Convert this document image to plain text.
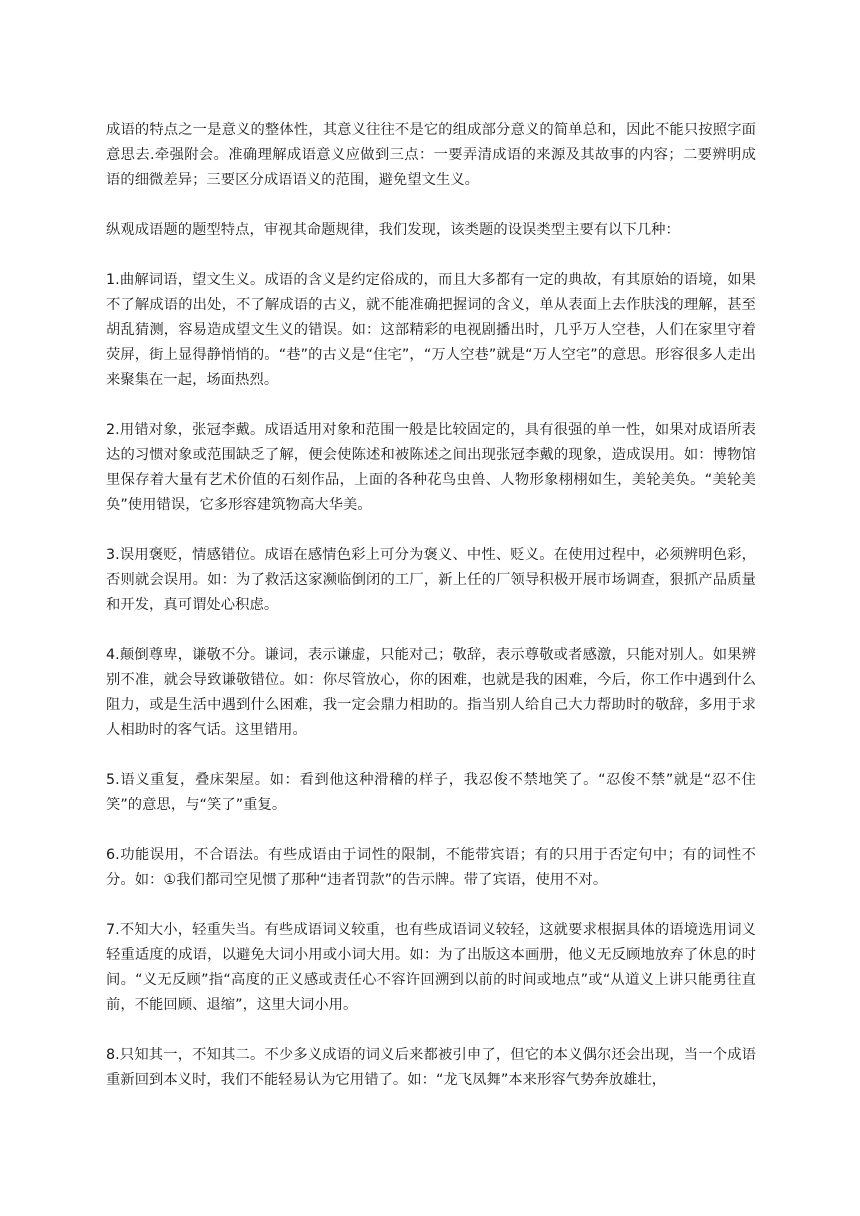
成语的特点之一是意义的整体性，其意义往往不是它的组成部分意义的简单总和，因此不能只按照字面意思去.牵强附会。准确理解成语意义应做到三点：一要弄清成语的来源及其故事的内容；二要辨明成语的细微差异；三要区分成语语义的范围，避免望文生义。

纵观成语题的题型特点，审视其命题规律，我们发现，该类题的设误类型主要有以下几种：

1.曲解词语，望文生义。成语的含义是约定俗成的，而且大多都有一定的典故，有其原始的语境，如果不了解成语的出处，不了解成语的古义，就不能准确把握词的含义，单从表面上去作肤浅的理解，甚至胡乱猜测，容易造成望文生义的错误。如：这部精彩的电视剧播出时，几乎万人空巷，人们在家里守着荧屏，街上显得静悄悄的。“巷”的古义是“住宅”，“万人空巷”就是“万人空宅”的意思。形容很多人走出来聚集在一起，场面热烈。

2.用错对象，张冠李戴。成语适用对象和范围一般是比较固定的，具有很强的单一性，如果对成语所表达的习惯对象或范围缺乏了解，便会使陈述和被陈述之间出现张冠李戴的现象，造成误用。如：博物馆里保存着大量有艺术价值的石刻作品，上面的各种花鸟虫兽、人物形象栩栩如生，美轮美奂。“美轮美奂”使用错误，它多形容建筑物高大华美。

3.误用褒贬，情感错位。成语在感情色彩上可分为褒义、中性、贬义。在使用过程中，必须辨明色彩，否则就会误用。如：为了救活这家濒临倒闭的工厂，新上任的厂领导积极开展市场调查，狠抓产品质量和开发，真可谓处心积虑。

4.颠倒尊卑，谦敬不分。谦词，表示谦虚，只能对己；敬辞，表示尊敬或者感激，只能对别人。如果辨别不准，就会导致谦敬错位。如：你尽管放心，你的困难，也就是我的困难，今后，你工作中遇到什么阻力，或是生活中遇到什么困难，我一定会鼎力相助的。指当别人给自己大力帮助时的敬辞，多用于求人相助时的客气话。这里错用。

5.语义重复，叠床架屋。如：看到他这种滑稽的样子，我忍俊不禁地笑了。“忍俊不禁”就是“忍不住笑”的意思，与“笑了”重复。

6.功能误用，不合语法。有些成语由于词性的限制，不能带宾语；有的只用于否定句中；有的词性不分。如：①我们都司空见惯了那种“违者罚款”的告示牌。带了宾语，使用不对。

7.不知大小，轻重失当。有些成语词义较重，也有些成语词义较轻，这就要求根据具体的语境选用词义轻重适度的成语，以避免大词小用或小词大用。如：为了出版这本画册，他义无反顾地放弃了休息的时间。“义无反顾”指“高度的正义感或责任心不容许回溯到以前的时间或地点”或“从道义上讲只能勇往直前，不能回顾、退缩”，这里大词小用。

8.只知其一，不知其二。不少多义成语的词义后来都被引申了，但它的本义偶尔还会出现，当一个成语重新回到本义时，我们不能轻易认为它用错了。如：“龙飞凤舞”本来形容气势奔放雄壮，
